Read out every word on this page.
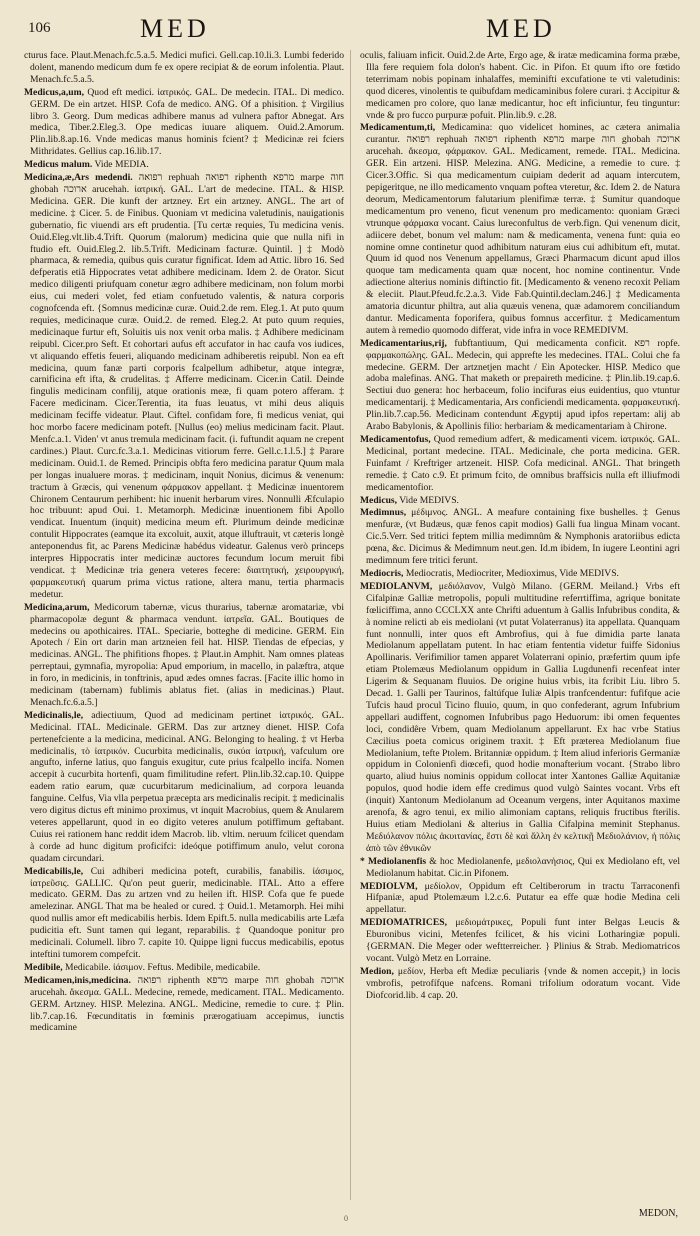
106	MED	MED

cturus face. Plaut.Menach.fc.5.a.5. Medici mufici. Gell.cap.10.li.3. Lumbi federido dolent, manendo medicum dum fe ex opere recipiat & de eorum infolentia. Plaut. Menach.fc.5.a.5.

Medicus,a,um, Quod eft medici. ἰατρικός. GAL. De medecin. ITAL. Di medico. GERM. De ein artzet. HISP. Cofa de medico. ANG. Of a phisition. ‡ Virgilius libro 3. Georg. Dum medicas adhibere manus ad vulnera paftor Abnegat. Ars medica, Tiber.2.Eleg.3. Ope medicas iuuare aliquem. Ouid.2.Amorum. Plin.lib.8.ap.16. Vnde medicas manus hominis fcient? ‡ Medicinæ rei fciers Mithridates. Gellius cap.16.lib.17.

Medicus malum. Vide MEDIA.

Medicina,æ,Ars medendi. רפואה rephuah רפואה riphenth מרפא marpe חוה ghobah ארוכה arucehah. ἰατρική. GAL. L'art de medecine. ITAL. & HISP. Medicina. GER. Die kunft der artzney. Ert ein artzney. ANGL. The art of medicine. ‡ Cicer. 5. de Finibus. Quoniam vt medicina valetudinis, nauigationis gubernatio, fic viuendi ars eft prudentia. [Tu certæ requies, Tu medicina venis. Ouid.Eleg.vlt.lib.4.Trift. Quorum (malorum) medicina quie que nulla nifi in ftudio eft. Ouid.Eleg.2. lib.5.Trift. Medicinam facturæ. Quintil. ] ‡ Modò pharmaca, & remedia, quibus quis curatur fignificat. Idem ad Attic. libro 16. Sed defperatis etiā Hippocrates vetat adhibere medicinam. Idem 2. de Orator. Sicut medico diligenti priufquam conetur ægro adhibere medicinam, non folum morbi eius, cui mederi volet, fed etiam confuetudo valentis, & natura corporis cognofcenda eft. {Somnus medicinæ curæ. Ouid.2.de rem. Eleg.1. At puto quum requies, medicinaque curæ. Ouid.2. de remed. Eleg.2. At puto quum requies, medicinaque furtur eft, Soluitis uis nox venit orba malis. ‡ Adhibere medicinam reipubl. Cicer.pro Seft. Et cohortari aufus eft accufator in hac caufa vos iudices, vt aliquando effetis feueri, aliquando medicinam adhiberetis reipubl. Non ea eft medicina, quum fanæ parti corporis fcalpellum adhibetur, atque integræ, carnificina eft ifta, & crudelitas. ‡ Afferre medicinam. Cicer.in Catil. Deinde fingulis medicinam confilij, atque orationis meæ, fi quam potero afferam. ‡ Facere medicinam. Cicer.Terentia, ita fuas leuatus, vt mihi deus aliquis medicinam feciffe videatur. Plaut. Ciftel. confidam fore, fi medicus veniat, qui hoc morbo facere medicinam poteft. [Nullus (eo) melius medicinam facit. Plaut. Menfc.a.1. Viden' vt anus tremula medicinam facit. (i. fuftundit aquam ne crepent cardines.) Plaut. Curc.fc.3.a.1. Medicinas vitiorum ferre. Gell.c.1.l.5.] ‡ Parare medicinam. Ouid.1. de Remed. Principis obfta fero medicina paratur Quum mala per longas inualuere moras. ‡ medicinam, inquit Nonius, dicimus & venenum: tractum à Græcis, qui venenum φάρμακον appellant. ‡ Medicinæ inuentorem Chironem Centaurum perhibent: hic inuenit herbarum vires. Nonnulli Æfculapio hoc tribuunt: apud Oui. 1. Metamorph. Medicinæ inuentionem fibi Apollo vendicat. Inuentum (inquit) medicina meum eft. Plurimum deinde medicinæ contulit Hippocrates (eamque ita excoluit, auxit, atque illuftrauit, vt cæteris longè anteponendus fit, ac Parens Medicinæ habédus videatur. Galenus verò princeps interpres Hippocratis inter medicinæ auctores fecundum locum meruit fibi vendicat. ‡ Medicinæ tria genera veteres fecere: διαιτητική, χειρουργική, φαρμακευτική quarum prima victus ratione, altera manu, tertia pharmacis medetur.

Medicina,arum, Medicorum tabernæ, vicus thurarius, tabernæ aromatariæ, vbi pharmacopolæ degunt & pharmaca vendunt. ἰατρεῖα. GAL. Boutiques de medecins ou apothicaires. ITAL. Speciarie, botteghe di medicine. GERM. Ein Apotech / Ein ort darin man artzneien feil hat. HISP. Tiendas de efpecias, y medicinas. ANGL. The phifitions fhopes. ‡ Plaut.in Amphit. Nam omnes plateas perreptaui, gymnafia, myropolia: Apud emporium, in macello, in palæftra, atque in foro, in medicinis, in tonftrinis, apud ædes omnes facras. [Facite illic homo in medicinam (tabernam) fublimis ablatus fiet. (alias in medicinas.) Plaut. Menach.fc.6.a.5.]

Medicinalis,le, adiectiuum, Quod ad medicinam pertinet ἰατρικός. GAL. Medicinal. ITAL. Medicinale. GERM. Das zur artzney dienet. HISP. Cofa pertenefciente a la medicina, medicinal. ANG. Belonging to healing. ‡ vt Herba medicinalis, τὸ ἰατρικόν. Cucurbita medicinalis, σικύα ἰατρική, vafculum ore angufto, inferne latius, quo fanguis exugitur, cute prius fcalpello incifa. Nomen accepit à cucurbita hortenfi, quam fimilitudine refert. Plin.lib.32.cap.10. Quippe eadem ratio earum, quæ cucurbitarum medicinalium, ad corpora leuanda fanguine. Celfus, Via vlla perpetua præcepta ars medicinalis recipit. ‡ medicinalis vero digitus dictus eft minimo proximus, vt inquit Macrobius, quem & Anularem veteres appellarunt, quod in eo digito veteres anulum potiffimum geftabant. Cuius rei rationem hanc reddit idem Macrob. lib. vltim. neruum fcilicet quendam à corde ad hunc digitum proficifci: ideóque potiffimum anulo, velut corona quadam circundari.

Medicabilis,le, Cui adhiberi medicina poteft, curabilis, fanabilis. ἰάσιμος, ἰατρεῦσις. GALLIC. Qu'on peut guerir, medicinable. ITAL. Atto a effere medicato. GERM. Das zu artzen vnd zu heilen ift. HISP. Cofa que fe puede amelezinar. ANGL That ma be healed or cured. ‡ Ouid.1. Metamorph. Hei mihi quod nullis amor eft medicabilis herbis. Idem Epift.5. nulla medicabilis arte Læfa pudicitia eft. Sunt tamen qui legant, reparabilis. ‡ Quandoque ponitur pro medicinali. Columell. libro 7. capite 10. Quippe ligni fuccus medicabilis, epotus inteftini tumorem compefcit.

Medibile, Medicabile. ἰάσιμον. Feftus. Medibile, medicabile.

Medicamen,inis,medicina. רפואה riphenth מרפא marpe חוה ghobah ארוכה arucehah. ἄκεσμα. GALL. Medecine, remede, medicament. ITAL. Medicamento. GERM. Artzney. HISP. Melezina. ANGL. Medicine, remedie to cure. ‡ Plin. lib.7.cap.16. Fœcunditatis in fœminis prærogatiuam accepimus, iunctis medicamine

oculis, faliuam inficit. Ouid.2.de Arte, Ergo age, & iratæ medicamina forma præbe, Illa fere requiem fola dolon's habent. Cic. in Pifon. Et quum ifto ore fœtido teterrimam nobis popinam inhalaffes, meminifti excufatione te vti valetudinis: quod diceres, vinolentis te quibufdam medicaminibus folere curari. ‡ Accipitur & medicamen pro colore, quo lanæ medicantur, hoc eft inficiuntur, feu tinguntur: vnde & pro fucco purpuræ pofuit. Plin.lib.9. c.28.

Medicamentum,ti, Medicamina: quo videlicet homines, ac cætera animalia curantur. רפואה rephuah רפואה riphenth מרפא marpe חוה ghobah ארוכה arucehah. ἄκεσμα, φάρμακον. GAL. Medicament, remede. ITAL. Medicina. GER. Ein artzeni. HISP. Melezina. ANG. Medicine, a remedie to cure. ‡ Cicer.3.Offic. Si qua medicamentum cuipiam dederit ad aquam intercutem, pepigeritque, ne illo medicamento vnquam poftea vteretur, &c. Idem 2. de Natura deorum, Medicamentorum falutarium plenifimæ terræ. ‡ Sumitur quandoque medicamentum pro veneno, ficut venenum pro medicamento: quoniam Græci vtrunque φάρμακα vocant. Caius lureconfultus de verb.fign. Qui venenum dicit, adiicere debet, bonum vel malum: nam & medicamenta, venena funt: quia eo nomine omne continetur quod adhibitum naturam eius cui adhibitum eft, mutat. Quum id quod nos Venenum appellamus, Græci Pharmacum dicunt apud illos quoque tam medicamenta quam quæ nocent, hoc nomine continentur. Vnde adiectione alterius nominis diftinctio fit. [Medicamento & veneno recoxit Peliam & eleciit. Plaut.Pfeud.fc.2.a.3. Vide Fab.Quintil.declam.246.] ‡ Medicamenta amatoria dicuntur philtra, aut alia quæuis venena, quæ adamorem conciliandum dantur. Medicamenta foporifera, quibus fomnus accerfitur. ‡ Medicamentum autem à remedio quomodo differat, vide infra in voce REMEDIVM.

Medicamentarius,rij, fubftantiuum, Qui medicamenta conficit. רפא ropfe. φαρμακοπώλης. GAL. Medecin, qui apprefte les medecines. ITAL. Colui che fa medecine. GERM. Der artznetjen macht / Ein Apotecker. HISP. Medico que adoba malefinas. ANG. That maketh or prepaireth medicine. ‡ Plin.lib.19.cap.6. Sectiui duo genera: hoc herbaceum, folio incifuras eius euidentius, quo vtuntur medicamentarij. ‡ Medicamentaria, Ars conficiendi medicamenta. φαρμακευτική. Plin.lib.7.cap.56. Medicinam contendunt Ægyptij apud ipfos repertam: alij ab Arabo Babylonis, & Apollinis filio: herbariam & medicamentariam à Chirone.

Medicamentofus, Quod remedium adfert, & medicamenti vicem. ἰατρικός. GAL. Medicinal, portant medecine. ITAL. Medicinale, che porta medicina. GER. Fuinfamt / Kreftriger artzeneit. HISP. Cofa medicinal. ANGL. That bringeth remedie. ‡ Cato c.9. Et primum fcito, de omnibus braffsicis nulla eft illiufmodi medicamentofior.

Medicus, Vide MEDIVS.

Medimnus, μέδιμνος. ANGL. A meafure containing fixe bushelles. ‡ Genus menfuræ, (vt Budæus, quæ fenos capit modios) Galli fua lingua Minam vocant. Cic.5.Verr. Sed tritici feptem millia medimnûm & Nymphonis aratoriibus edicta pœna, &c. Dicimus & Medimnum neut.gen. Id.m ibidem, In iugere Leontini agri medimnum fere tritici ferunt.

Mediocris, Mediocratis, Mediocriter, Medioximus, Vide MEDIVS.

MEDIOLANVM, μεδιόλανον, Vulgò Milano. {GERM. Meiland.} Vrbs eft Cifalpinæ Galliæ metropolis, populi multitudine referrtiffima, agrique bonitate fœliciffima, anno CCCLXX ante Chrifti aduentum à Gallis Infubribus condita, & à nomine relicti ab eis mediolani (vt putat Volaterranus) ita appellata. Quanquam funt nonnulli, inter quos eft Ambrofius, qui à fue dimidia parte lanata Mediolanum appellatam putent. In hac etiam fententia videtur fuiffe Sidonius Apollinaris. Verifimilior tamen apparet Volaterrani opinio, præfertim quum ipfe etiam Ptolemæus Mediolanum oppidum in Gallia Lugdunenfi recenfeat inter Ligerim & Sequanam fluuios. De origine huius vrbis, ita fcribit Liu. libro 5. Decad. 1. Galli per Taurinos, faltúfque Iuliæ Alpis tranfcendentur: fufifque acie Tufcis haud procul Ticino fluuio, quum, in quo confederant, agrum Infubrium appellari audiffent, cognomen Infubribus pago Heduorum: ibi omen fequentes loci, condidêre Vrbem, quam Mediolanum appellarunt. Ex hac vrbe Statius Cæcilius poeta comicus originem traxit. ‡ Eft præterea Mediolanum fiue Mediolanium, tefte Ptolem. Britanniæ oppidum. ‡ Item aliud inferioris Germaniæ oppidum in Colonienfi diœcefi, quod hodie monafterium vocant. {Strabo libro quarto, aliud huius nominis oppidum collocat inter Xantones Galliæ Aquitaniæ populos, quod hodie idem effe credimus quod vulgò Saintes vocant. Vrbs eft (inquit) Xantonum Mediolanum ad Oceanum vergens, inter Aquitanos maxime arenofa, & agro tenui, ex milio alimoniam captans, reliquis fructibus fterilis. Huius etiam Mediolani & alterius in Gallia Cifalpina meminit Stephanus. Μεδιόλανον πόλις ἀκυιτανίας, ἔστι δὲ καὶ ἄλλη ἐν κελτικῇ Μεδιολάνιον, ἡ πόλις ἀπὸ τῶν ἐθνικῶν

* Mediolanenfis & hoc Mediolanenfe, μεδιολανήσιος, Qui ex Mediolano eft, vel Mediolanum habitat. Cic.in Pifonem.

MEDIOLVM, μεδίολον, Oppidum eft Celtiberorum in tractu Tarraconenfi Hifpaniæ, apud Ptolemæum l.2.c.6. Putatur ea effe quæ hodie Medina celi appellatur.

MEDIOMATRICES, μεδιομάτρικες, Populi funt inter Belgas Leucis & Eburonibus vicini, Metenfes fcilicet, & his vicini Lotharingiæ populi. {GERMAN. Die Meger oder weftterreicher. } Plinius & Strab. Mediomatricos vocant. Vulgò Metz en Lorraine.

Medion, μεδίον, Herba eft Mediæ peculiaris {vnde & nomen accepit,} in locis vmbrofis, petrofífque nafcens. Romani trifolium odoratum vocant. Vide Diofcorid.lib. 4 cap. 20.

0	MEDON,
